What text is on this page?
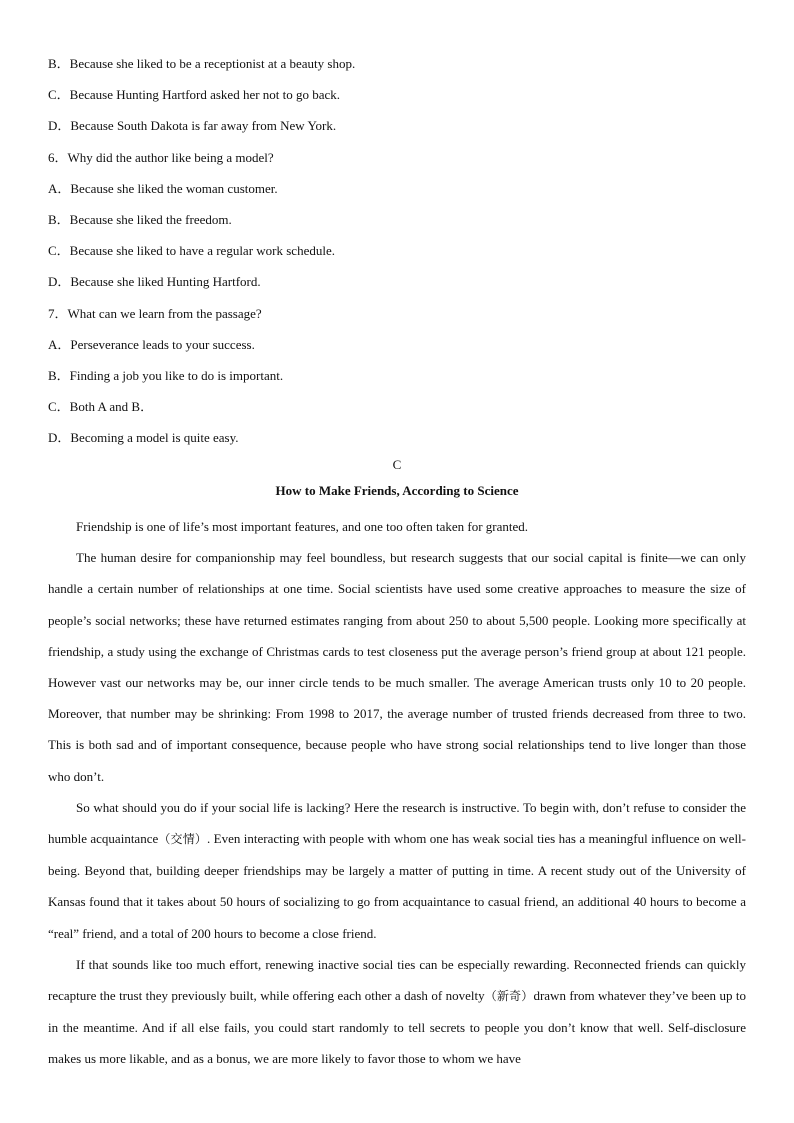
B．Because she liked to be a receptionist at a beauty shop.

C．Because Hunting Hartford asked her not to go back.

D．Because South Dakota is far away from New York.

6．Why did the author like being a model?

A．Because she liked the woman customer.

B．Because she liked the freedom.

C．Because she liked to have a regular work schedule.

D．Because she liked Hunting Hartford.

7．What can we learn from the passage?

A．Perseverance leads to your success.

B．Finding a job you like to do is important.

C．Both A and B．

D．Becoming a model is quite easy.

C

How to Make Friends, According to Science

Friendship is one of life’s most important features, and one too often taken for granted.

The human desire for companionship may feel boundless, but research suggests that our social capital is finite—we can only handle a certain number of relationships at one time. Social scientists have used some creative approaches to measure the size of people’s social networks; these have returned estimates ranging from about 250 to about 5,500 people. Looking more specifically at friendship, a study using the exchange of Christmas cards to test closeness put the average person’s friend group at about 121 people. However vast our networks may be, our inner circle tends to be much smaller. The average American trusts only 10 to 20 people. Moreover, that number may be shrinking: From 1998 to 2017, the average number of trusted friends decreased from three to two. This is both sad and of important consequence, because people who have strong social relationships tend to live longer than those who don’t.

So what should you do if your social life is lacking? Here the research is instructive. To begin with, don’t refuse to consider the humble acquaintance（交情）. Even interacting with people with whom one has weak social ties has a meaningful influence on well-being. Beyond that, building deeper friendships may be largely a matter of putting in time. A recent study out of the University of Kansas found that it takes about 50 hours of socializing to go from acquaintance to casual friend, an additional 40 hours to become a “real” friend, and a total of 200 hours to become a close friend.

If that sounds like too much effort, renewing inactive social ties can be especially rewarding. Reconnected friends can quickly recapture the trust they previously built, while offering each other a dash of novelty（新奇）drawn from whatever they’ve been up to in the meantime. And if all else fails, you could start randomly to tell secrets to people you don’t know that well. Self-disclosure makes us more likable, and as a bonus, we are more likely to favor those to whom we have
